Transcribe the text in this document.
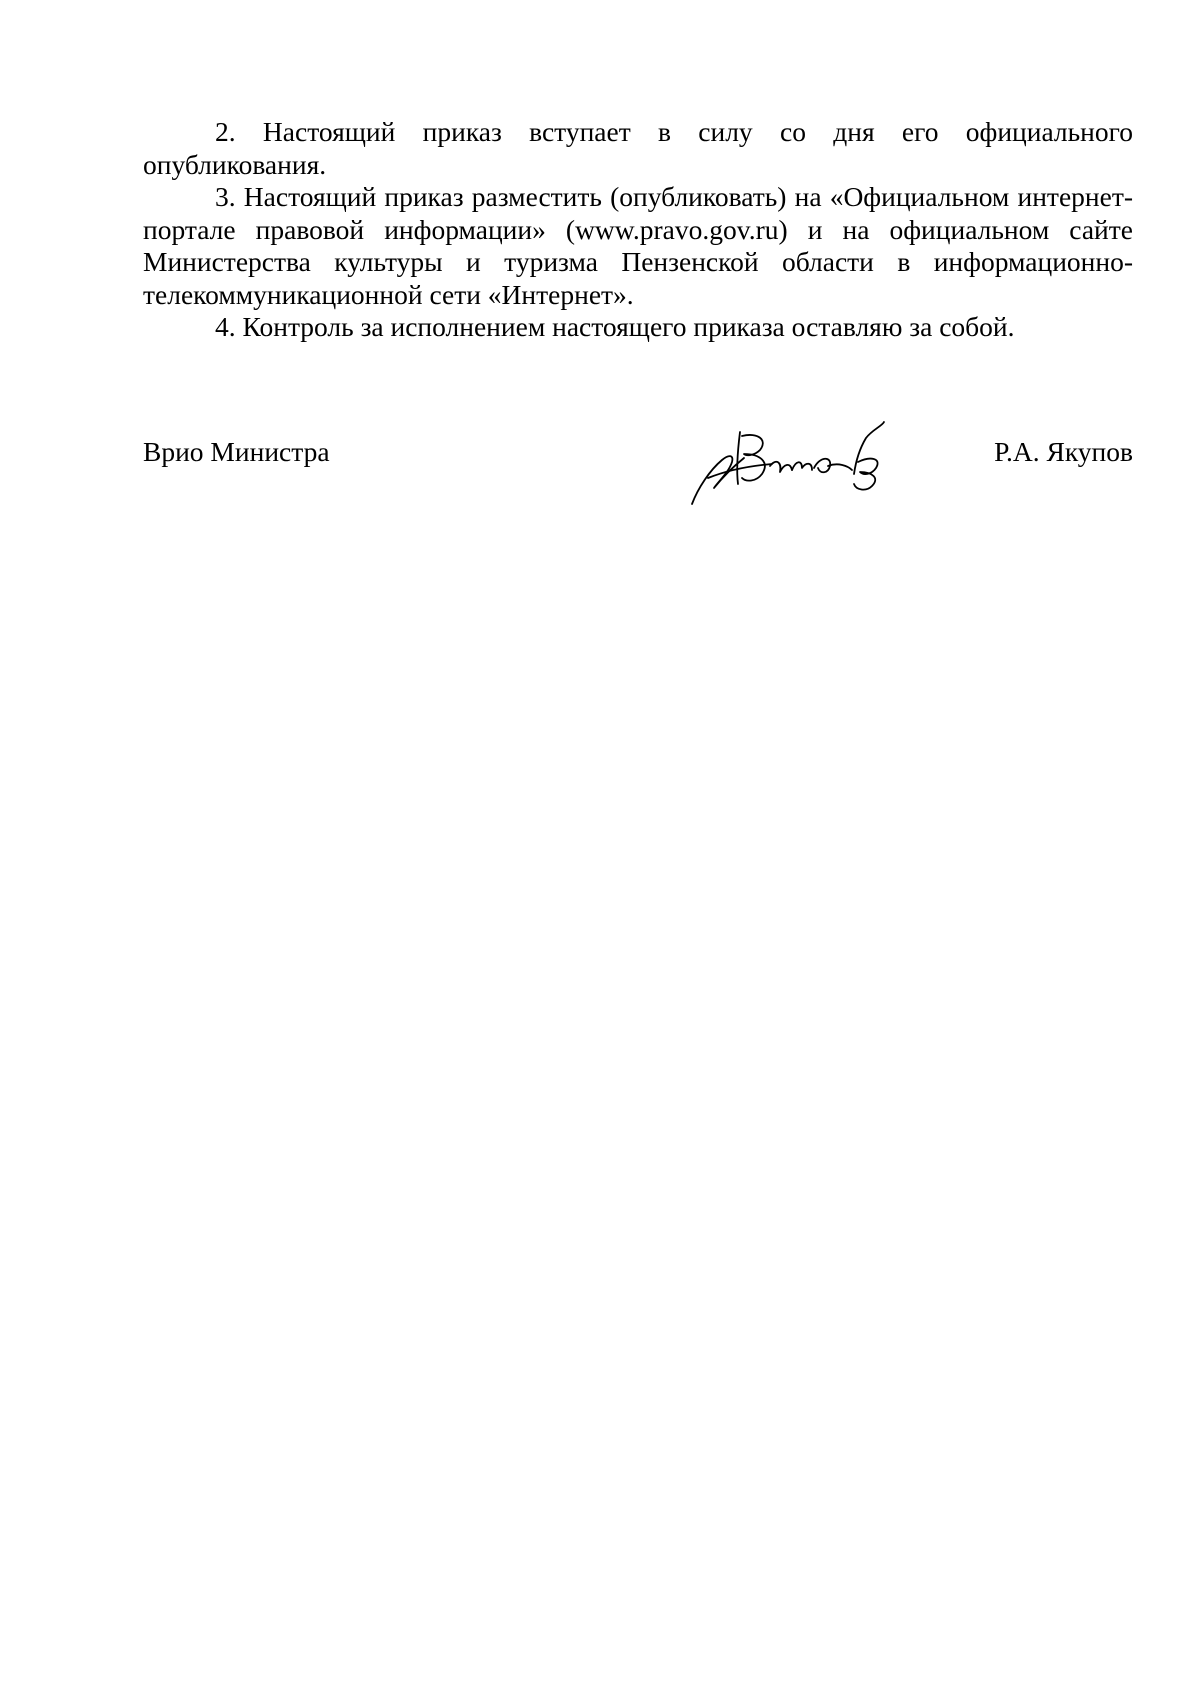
2. Настоящий приказ вступает в силу со дня его официального опубликования.

3. Настоящий приказ разместить (опубликовать) на «Официальном интернет-портале правовой информации» (www.pravo.gov.ru) и на официальном сайте Министерства культуры и туризма Пензенской области в информационно-телекоммуникационной сети «Интернет».

4. Контроль за исполнением настоящего приказа оставляю за собой.

Врио Министра	Р.А. Якупов
